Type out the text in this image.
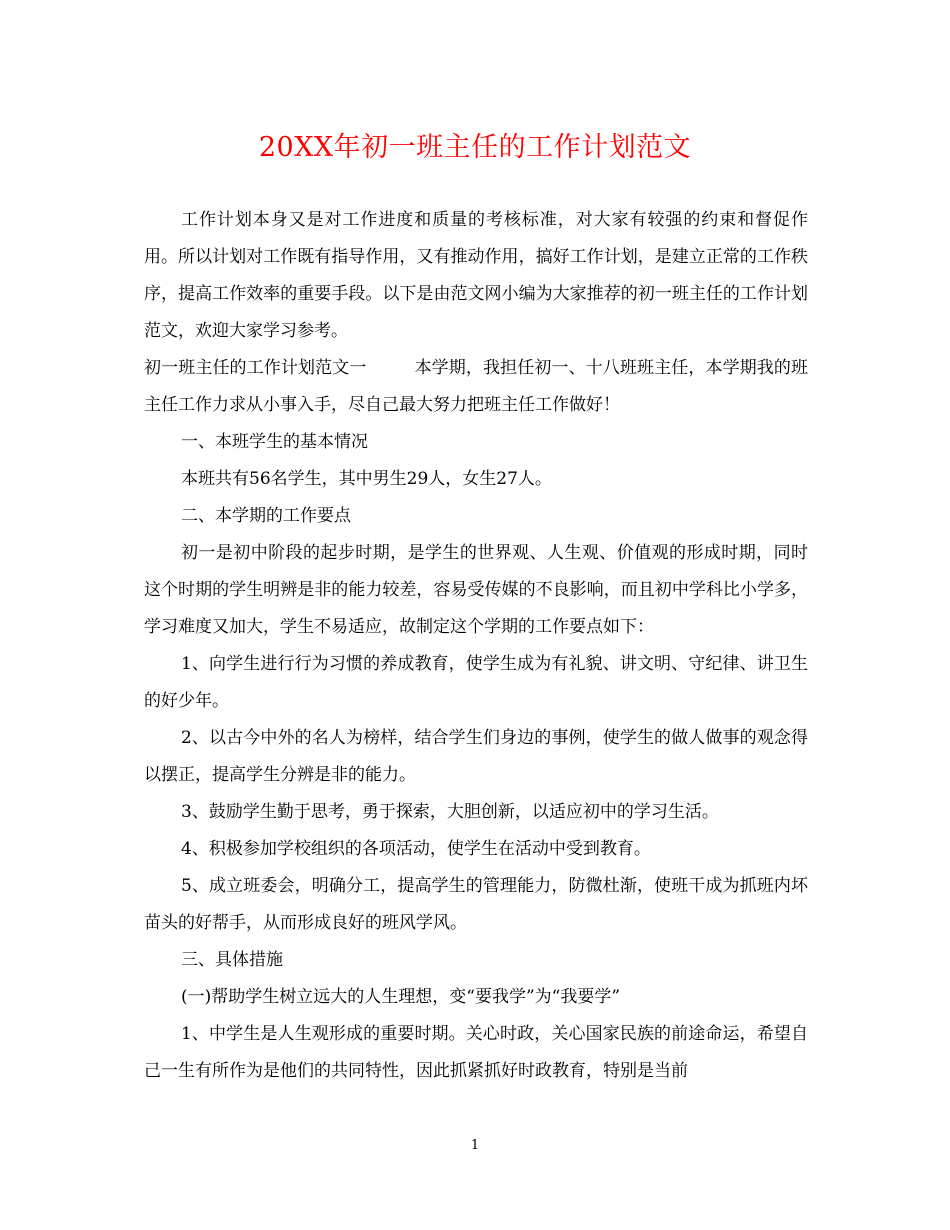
20XX年初一班主任的工作计划范文

工作计划本身又是对工作进度和质量的考核标准，对大家有较强的约束和督促作用。所以计划对工作既有指导作用，又有推动作用，搞好工作计划，是建立正常的工作秩序，提高工作效率的重要手段。以下是由范文网小编为大家推荐的初一班主任的工作计划范文，欢迎大家学习参考。

初一班主任的工作计划范文一	本学期，我担任初一、十八班班主任，本学期我的班主任工作力求从小事入手，尽自己最大努力把班主任工作做好！

一、本班学生的基本情况

本班共有56名学生，其中男生29人，女生27人。

二、本学期的工作要点

初一是初中阶段的起步时期，是学生的世界观、人生观、价值观的形成时期，同时这个时期的学生明辨是非的能力较差，容易受传媒的不良影响，而且初中学科比小学多，学习难度又加大，学生不易适应，故制定这个学期的工作要点如下：

1、向学生进行行为习惯的养成教育，使学生成为有礼貌、讲文明、守纪律、讲卫生的好少年。

2、以古今中外的名人为榜样，结合学生们身边的事例，使学生的做人做事的观念得以摆正，提高学生分辨是非的能力。

3、鼓励学生勤于思考，勇于探索，大胆创新，以适应初中的学习生活。

4、积极参加学校组织的各项活动，使学生在活动中受到教育。

5、成立班委会，明确分工，提高学生的管理能力，防微杜渐，使班干成为抓班内坏苗头的好帮手，从而形成良好的班风学风。

三、具体措施

(一)帮助学生树立远大的人生理想，变“要我学”为“我要学”

1、中学生是人生观形成的重要时期。关心时政，关心国家民族的前途命运，希望自己一生有所作为是他们的共同特性，因此抓紧抓好时政教育，特别是当前

1
